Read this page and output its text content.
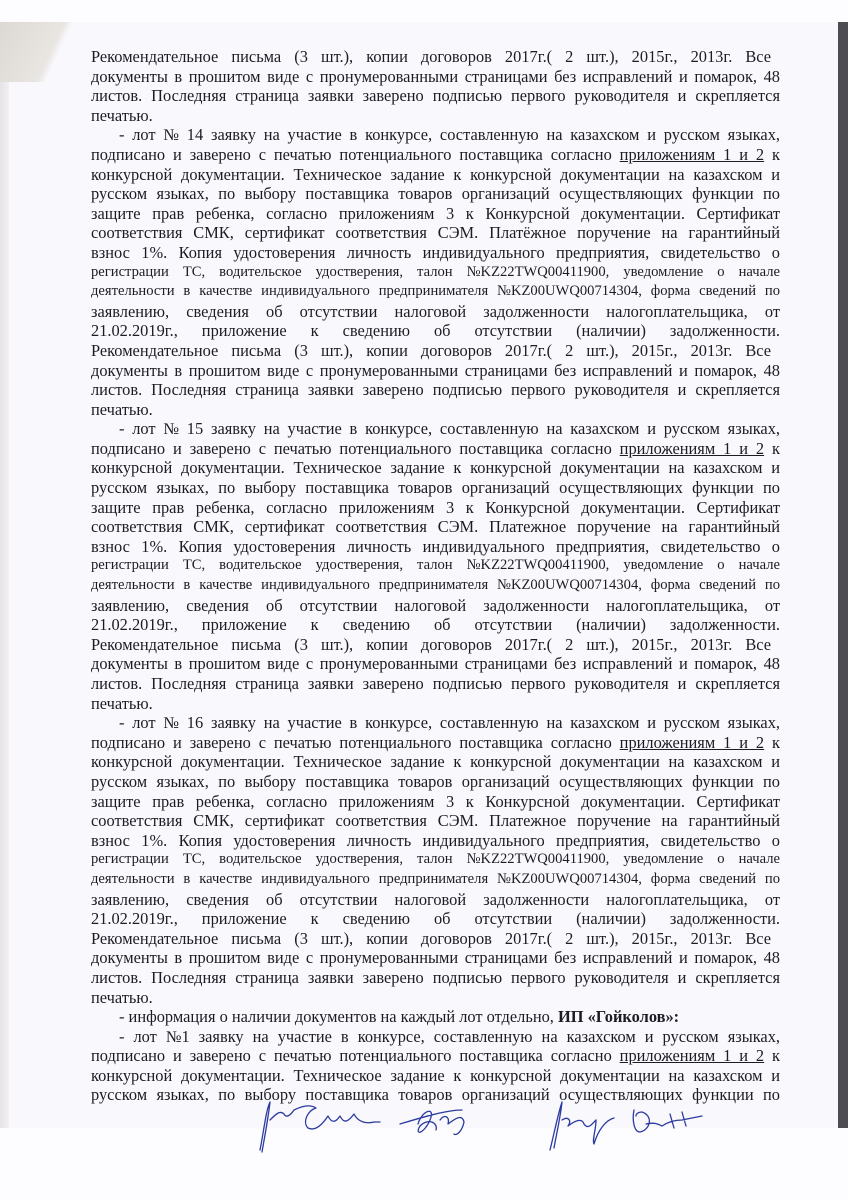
Рекомендательное письма (3 шт.), копии договоров 2017г.( 2 шт.), 2015г., 2013г. Все
документы в прошитом виде с пронумерованными страницами без исправлений и помарок, 48
листов. Последняя страница заявки заверено подписью первого руководителя и скрепляется
печатью.
- лот № 14 заявку на участие в конкурсе, составленную на казахском и русском языках,
подписано и заверено с печатью потенциального поставщика согласно приложениям 1 и 2 к
конкурсной документации. Техническое задание к конкурсной документации на казахском и
русском языках, по выбору поставщика товаров организаций осуществляющих функции по
защите прав ребенка, согласно приложениям 3 к Конкурсной документации. Сертификат
соответствия СМК, сертификат соответствия СЭМ. Платёжное поручение на гарантийный
взнос 1%. Копия удостоверения личность индивидуального предприятия, свидетельство о
регистрации ТС, водительское удостверения, талон №KZ22TWQ00411900, уведомление о начале
деятельности в качестве индивидуального предпринимателя №KZ00UWQ00714304, форма сведений по
заявлению, сведения об отсутствии налоговой задолженности налогоплательщика, от
21.02.2019г., приложение к сведению об отсутствии (наличии) задолженности.
Рекомендательное письма (3 шт.), копии договоров 2017г.( 2 шт.), 2015г., 2013г. Все
документы в прошитом виде с пронумерованными страницами без исправлений и помарок, 48
листов. Последняя страница заявки заверено подписью первого руководителя и скрепляется
печатью.
- лот № 15 заявку на участие в конкурсе, составленную на казахском и русском языках,
подписано и заверено с печатью потенциального поставщика согласно приложениям 1 и 2 к
конкурсной документации. Техническое задание к конкурсной документации на казахском и
русском языках, по выбору поставщика товаров организаций осуществляющих функции по
защите прав ребенка, согласно приложениям 3 к Конкурсной документации. Сертификат
соответствия СМК, сертификат соответствия СЭМ. Платежное поручение на гарантийный
взнос 1%. Копия удостоверения личность индивидуального предприятия, свидетельство о
регистрации ТС, водительское удостверения, талон №KZ22TWQ00411900, уведомление о начале
деятельности в качестве индивидуального предпринимателя №KZ00UWQ00714304, форма сведений по
заявлению, сведения об отсутствии налоговой задолженности налогоплательщика, от
21.02.2019г., приложение к сведению об отсутствии (наличии) задолженности.
Рекомендательное письма (3 шт.), копии договоров 2017г.( 2 шт.), 2015г., 2013г. Все
документы в прошитом виде с пронумерованными страницами без исправлений и помарок, 48
листов. Последняя страница заявки заверено подписью первого руководителя и скрепляется
печатью.
- лот № 16 заявку на участие в конкурсе, составленную на казахском и русском языках,
подписано и заверено с печатью потенциального поставщика согласно приложениям 1 и 2 к
конкурсной документации. Техническое задание к конкурсной документации на казахском и
русском языках, по выбору поставщика товаров организаций осуществляющих функции по
защите прав ребенка, согласно приложениям 3 к Конкурсной документации. Сертификат
соответствия СМК, сертификат соответствия СЭМ. Платежное поручение на гарантийный
взнос 1%. Копия удостоверения личность индивидуального предприятия, свидетельство о
регистрации ТС, водительское удостверения, талон №KZ22TWQ00411900, уведомление о начале
деятельности в качестве индивидуального предпринимателя №KZ00UWQ00714304, форма сведений по
заявлению, сведения об отсутствии налоговой задолженности налогоплательщика, от
21.02.2019г., приложение к сведению об отсутствии (наличии) задолженности.
Рекомендательное письма (3 шт.), копии договоров 2017г.( 2 шт.), 2015г., 2013г. Все
документы в прошитом виде с пронумерованными страницами без исправлений и помарок, 48
листов. Последняя страница заявки заверено подписью первого руководителя и скрепляется
печатью.
- информация о наличии документов на каждый лот отдельно, ИП «Гойколов»:
- лот №1 заявку на участие в конкурсе, составленную на казахском и русском языках,
подписано и заверено с печатью потенциального поставщика согласно приложениям 1 и 2 к
конкурсной документации. Техническое задание к конкурсной документации на казахском и
русском языках, по выбору поставщика товаров организаций осуществляющих функции по
